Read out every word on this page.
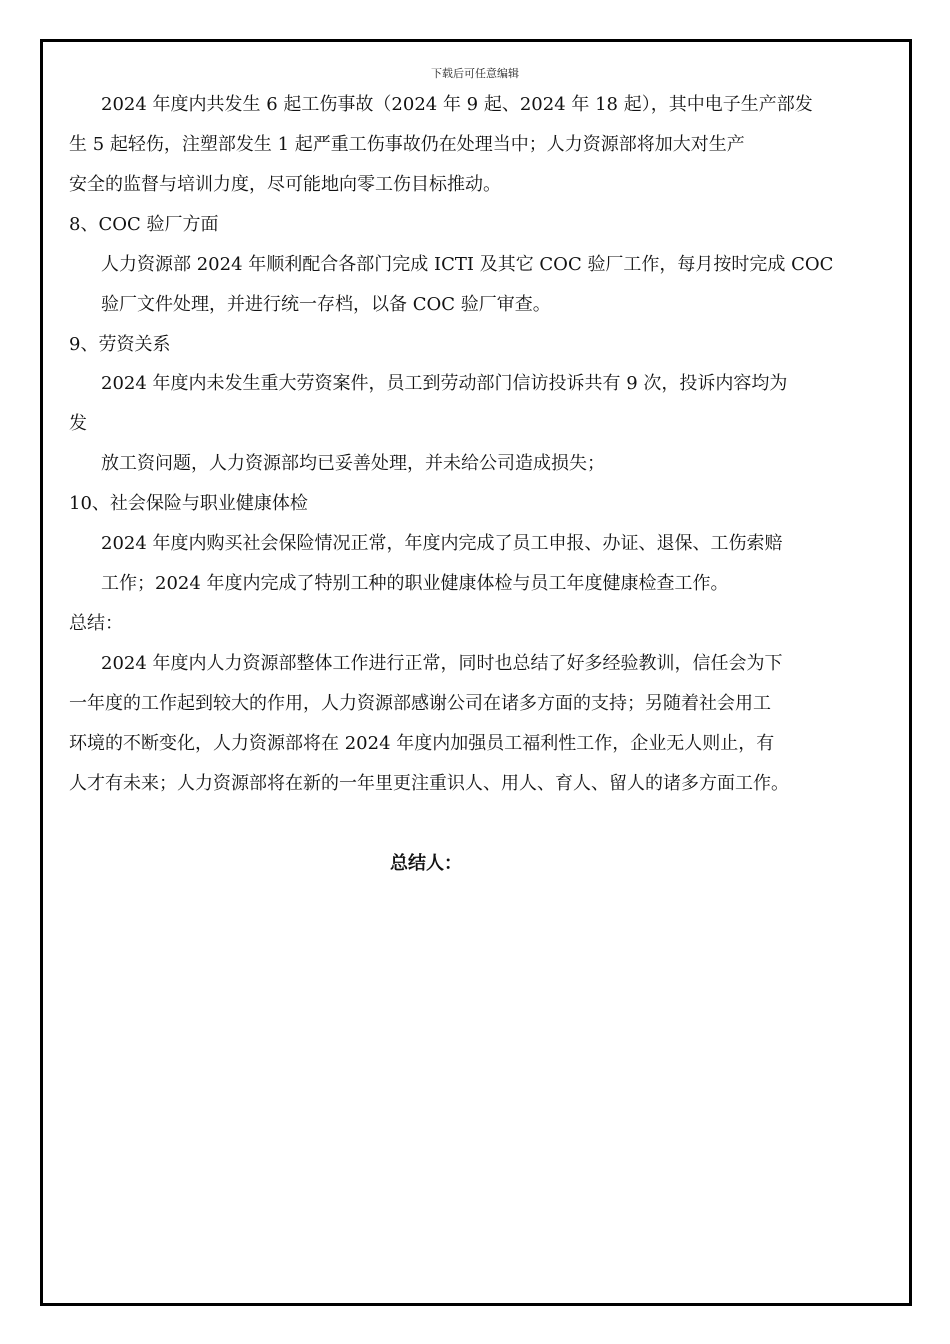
下载后可任意编辑
2024 年度内共发生 6 起工伤事故（2024 年 9 起、2024 年 18 起），其中电子生产部发
生 5 起轻伤，注塑部发生 1 起严重工伤事故仍在处理当中；人力资源部将加大对生产
安全的监督与培训力度，尽可能地向零工伤目标推动。
8、COC 验厂方面
人力资源部 2024 年顺利配合各部门完成 ICTI 及其它 COC 验厂工作，每月按时完成 COC
验厂文件处理，并进行统一存档，以备 COC 验厂审查。
9、劳资关系
2024 年度内未发生重大劳资案件，员工到劳动部门信访投诉共有 9 次，投诉内容均为
发
放工资问题，人力资源部均已妥善处理，并未给公司造成损失；
10、社会保险与职业健康体检
2024 年度内购买社会保险情况正常，年度内完成了员工申报、办证、退保、工伤索赔
工作；2024 年度内完成了特别工种的职业健康体检与员工年度健康检查工作。
总结：
2024 年度内人力资源部整体工作进行正常，同时也总结了好多经验教训，信任会为下
一年度的工作起到较大的作用，人力资源部感谢公司在诸多方面的支持；另随着社会用工
环境的不断变化，人力资源部将在 2024 年度内加强员工福利性工作，企业无人则止，有
人才有未来；人力资源部将在新的一年里更注重识人、用人、育人、留人的诸多方面工作。
总结人：
